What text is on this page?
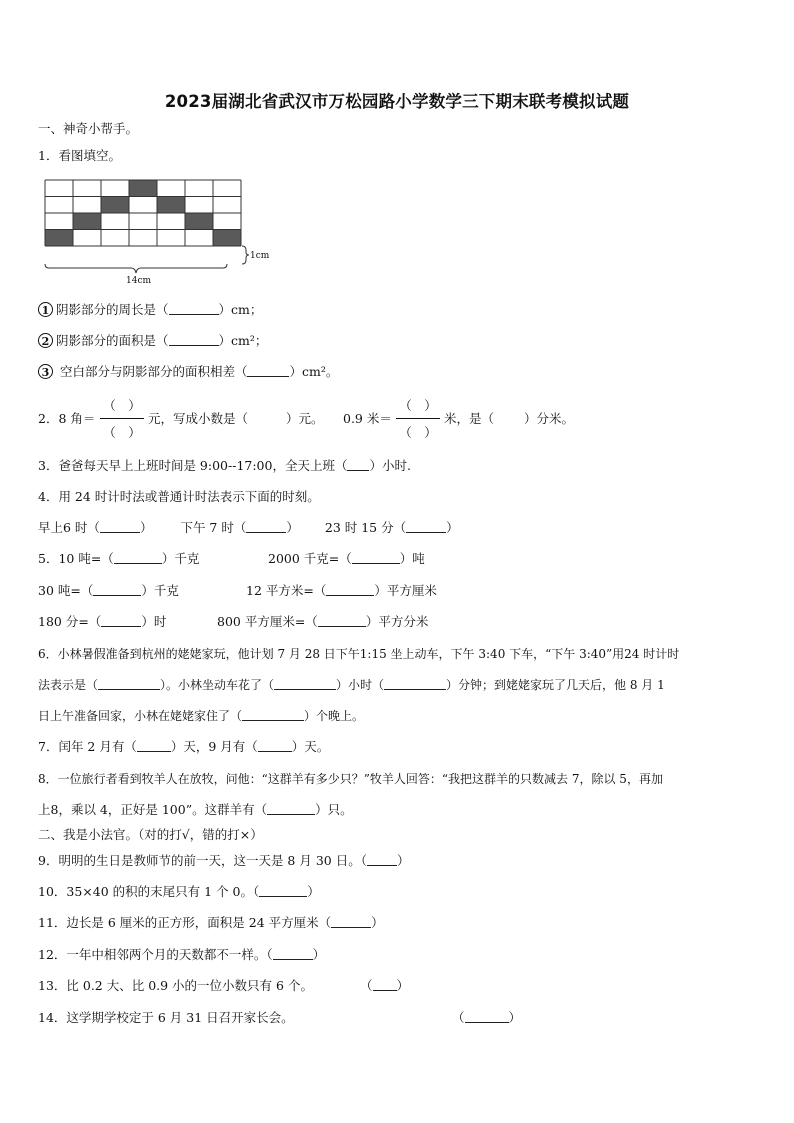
2023届湖北省武汉市万松园路小学数学三下期末联考模拟试题
一、神奇小帮手。
1．看图填空。
1cm
14cm
1 阴影部分的周长是（	）cm；
2 阴影部分的面积是（	）cm²；
3 空白部分与阴影部分的面积相差（	）cm²。
2．8 角＝
（　）
（　）
元，写成小数是（	）元。 0.9 米＝
（　）
（　）
米，是（ ）分米。
3．爸爸每天早上上班时间是 9:00--17:00，全天上班（ ）小时.
4．用 24 时计时法或普通计时法表示下面的时刻。
早上6 时（	） 下午 7 时（	） 23 时 15 分（	）
5．10 吨=（	）千克	2000 千克=（	）吨
30 吨=（	）千克	12 平方米=（	）平方厘米
180 分=（	）时	800 平方厘米=（	）平方分米
6．小林暑假准备到杭州的姥姥家玩，他计划 7 月 28 日下午1:15 坐上动车，下午 3:40 下车，“下午 3:40”用24 时计时
法表示是（	）。小林坐动车花了（	）小时（	）分钟；到姥姥家玩了几天后，他 8 月 1
日上午准备回家，小林在姥姥家住了（	）个晚上。
7．闰年 2 月有（	）天，9 月有（	）天。
8．一位旅行者看到牧羊人在放牧，问他：“这群羊有多少只？”牧羊人回答：“我把这群羊的只数减去 7，除以 5，再加
上8，乘以 4，正好是 100”。这群羊有（	）只。
二、我是小法官。（对的打√，错的打×）
9．明明的生日是教师节的前一天，这一天是 8 月 30 日。（ ）
10．35×40 的积的末尾只有 1 个 0。（	）
11．边长是 6 厘米的正方形，面积是 24 平方厘米（	）
12．一年中相邻两个月的天数都不一样。（	）
13．比 0.2 大、比 0.9 小的一位小数只有 6 个。	（ ）
14．这学期学校定于 6 月 31 日召开家长会。	（	）
